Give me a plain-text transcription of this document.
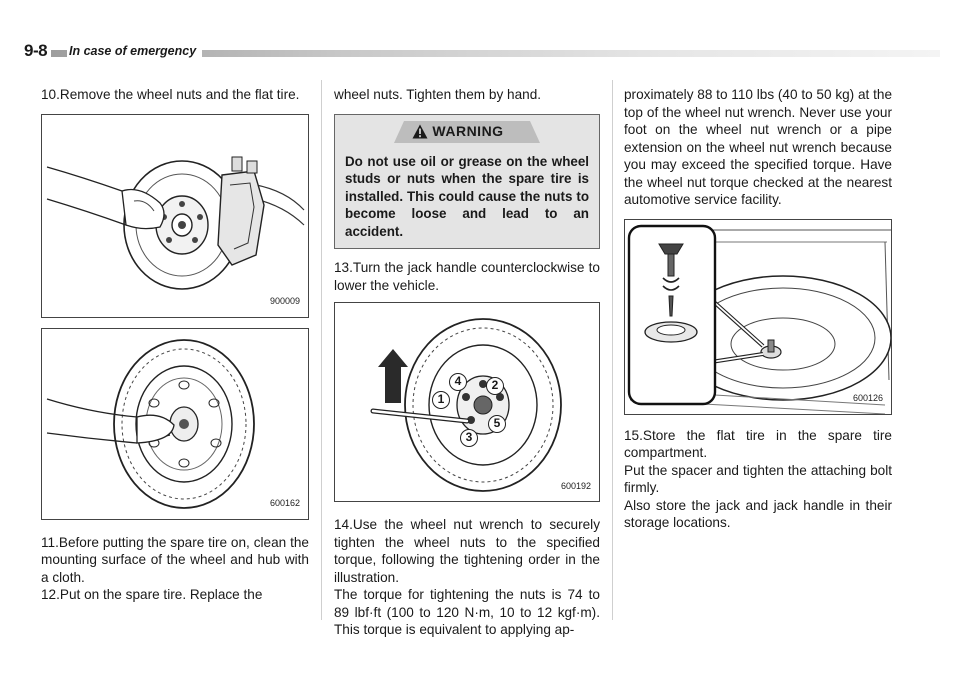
9-8	In case of emergency

10.Remove the wheel nuts and the flat tire.

900009
600162

11.Before putting the spare tire on, clean the mounting surface of the wheel and hub with a cloth.

12.Put on the spare tire. Replace the

wheel nuts. Tighten them by hand.

WARNING

Do not use oil or grease on the wheel studs or nuts when the spare tire is installed. This could cause the nuts to become loose and lead to an accident.

13.Turn the jack handle counterclockwise to lower the vehicle.

1
2
3
4
5
600192

14.Use the wheel nut wrench to securely tighten the wheel nuts to the specified torque, following the tightening order in the illustration.

The torque for tightening the nuts is 74 to 89 lbf·ft (100 to 120 N·m, 10 to 12 kgf·m). This torque is equivalent to applying ap-

proximately 88 to 110 lbs (40 to 50 kg) at the top of the wheel nut wrench. Never use your foot on the wheel nut wrench or a pipe extension on the wheel nut wrench because you may exceed the specified torque. Have the wheel nut torque checked at the nearest automotive service facility.

600126

15.Store the flat tire in the spare tire compartment.

Put the spacer and tighten the attaching bolt firmly.

Also store the jack and jack handle in their storage locations.
